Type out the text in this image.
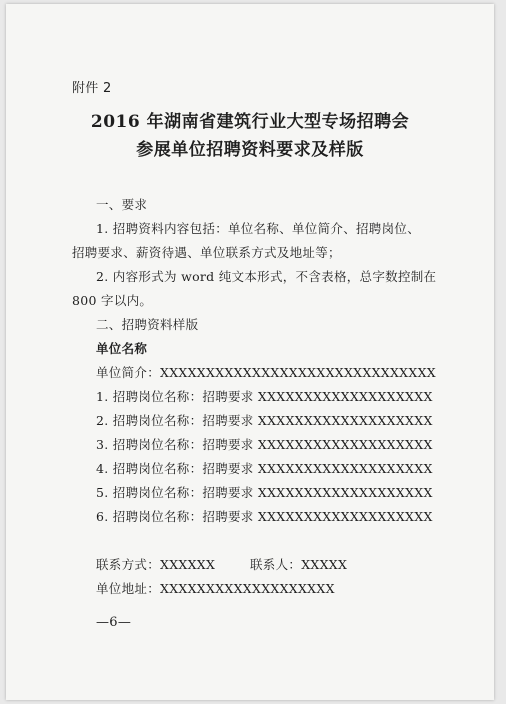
附件 2
2016 年湖南省建筑行业大型专场招聘会
参展单位招聘资料要求及样版
一、要求
1. 招聘资料内容包括：单位名称、单位简介、招聘岗位、
招聘要求、薪资待遇、单位联系方式及地址等；
2. 内容形式为 word 纯文本形式，不含表格，总字数控制在
800 字以内。
二、招聘资料样版
单位名称
单位简介：XXXXXXXXXXXXXXXXXXXXXXXXXXXXXX
1. 招聘岗位名称：招聘要求 XXXXXXXXXXXXXXXXXXX
2. 招聘岗位名称：招聘要求 XXXXXXXXXXXXXXXXXXX
3. 招聘岗位名称：招聘要求 XXXXXXXXXXXXXXXXXXX
4. 招聘岗位名称：招聘要求 XXXXXXXXXXXXXXXXXXX
5. 招聘岗位名称：招聘要求 XXXXXXXXXXXXXXXXXXX
6. 招聘岗位名称：招聘要求 XXXXXXXXXXXXXXXXXXX
联系方式：XXXXXX	联系人：XXXXX
单位地址：XXXXXXXXXXXXXXXXXXX
—6—
